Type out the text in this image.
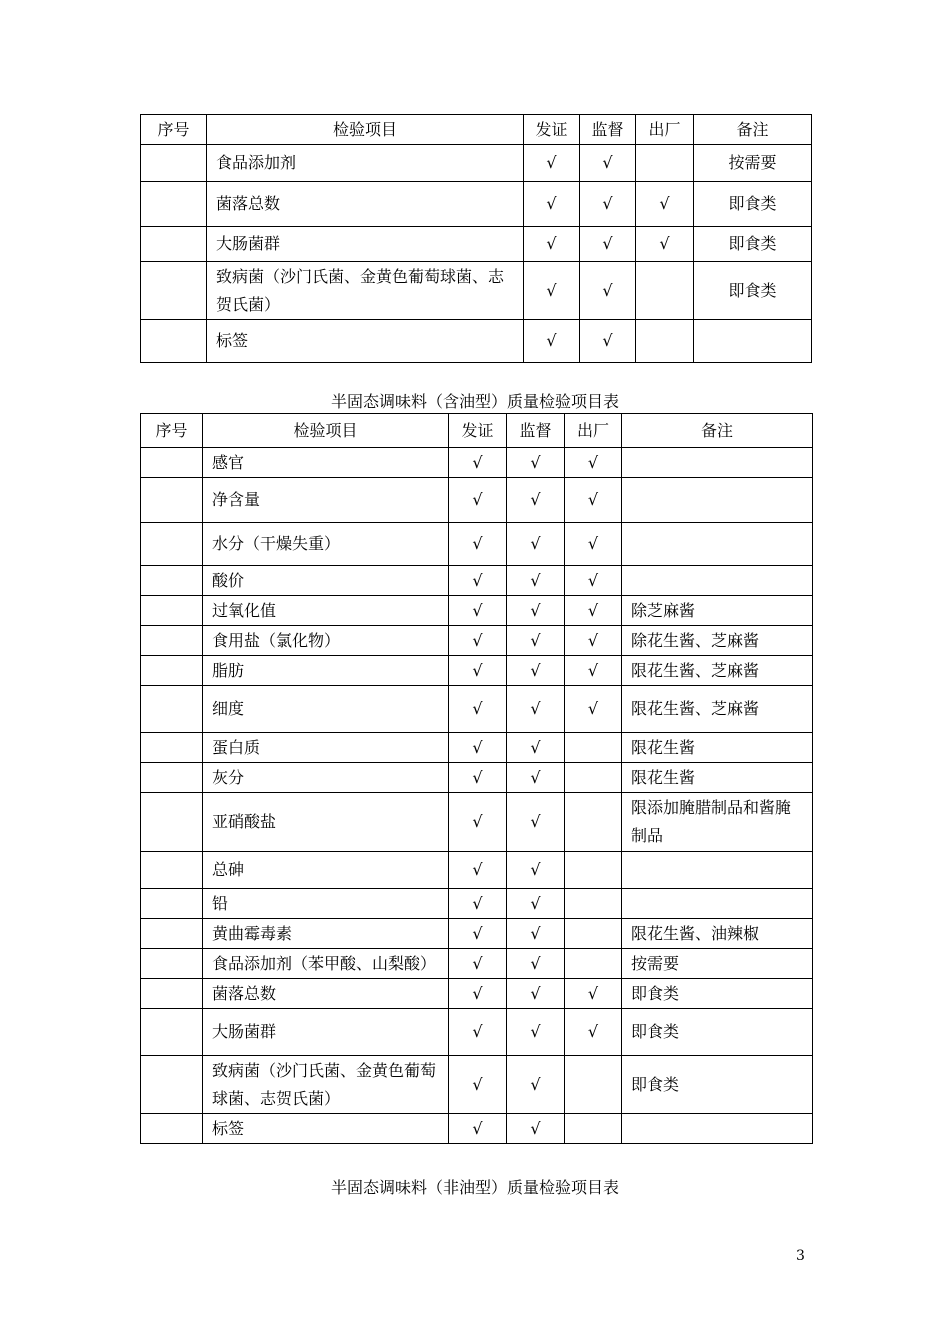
序号	检验项目	发证	监督	出厂	备注
	食品添加剂	√	√		按需要
	菌落总数	√	√	√	即食类
	大肠菌群	√	√	√	即食类
	致病菌（沙门氏菌、金黄色葡萄球菌、志贺氏菌）	√	√		即食类
	标签	√	√		
半固态调味料（含油型）质量检验项目表
序号	检验项目	发证	监督	出厂	备注
	感官	√	√	√	
	净含量	√	√	√	
	水分（干燥失重）	√	√	√	
	酸价	√	√	√	
	过氧化值	√	√	√	除芝麻酱
	食用盐（氯化物）	√	√	√	除花生酱、芝麻酱
	脂肪	√	√	√	限花生酱、芝麻酱
	细度	√	√	√	限花生酱、芝麻酱
	蛋白质	√	√		限花生酱
	灰分	√	√		限花生酱
	亚硝酸盐	√	√		限添加腌腊制品和酱腌制品
	总砷	√	√		
	铅	√	√		
	黄曲霉毒素	√	√		限花生酱、油辣椒
	食品添加剂（苯甲酸、山梨酸）	√	√		按需要
	菌落总数	√	√	√	即食类
	大肠菌群	√	√	√	即食类
	致病菌（沙门氏菌、金黄色葡萄球菌、志贺氏菌）	√	√		即食类
	标签	√	√		
半固态调味料（非油型）质量检验项目表
3
